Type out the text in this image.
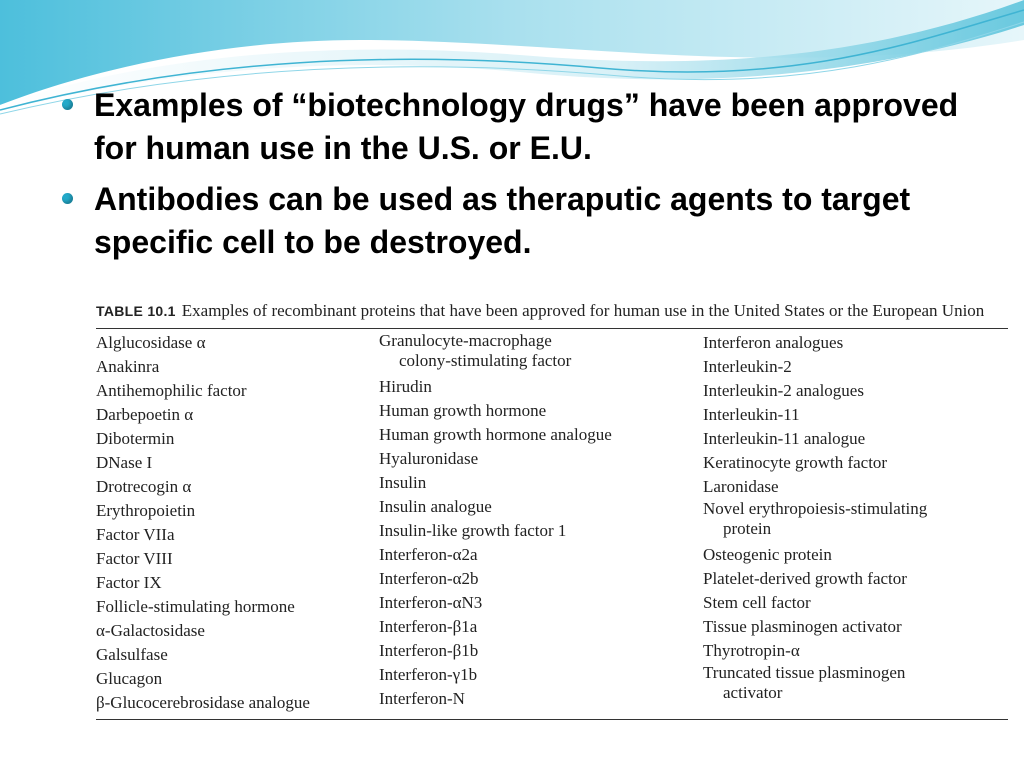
Examples of “biotechnology drugs” have been approved for human use in the U.S. or E.U.
Antibodies can be used as theraputic agents to target specific cell to be destroyed.
TABLE 10.1 Examples of recombinant proteins that have been approved for human use in the United States or the European Union
Alglucosidase α
Anakinra
Antihemophilic factor
Darbepoetin α
Dibotermin
DNase I
Drotrecogin α
Erythropoietin
Factor VIIa
Factor VIII
Factor IX
Follicle-stimulating hormone
α-Galactosidase
Galsulfase
Glucagon
β-Glucocerebrosidase analogue
Granulocyte-macrophage
colony-stimulating factor
Hirudin
Human growth hormone
Human growth hormone analogue
Hyaluronidase
Insulin
Insulin analogue
Insulin-like growth factor 1
Interferon-α2a
Interferon-α2b
Interferon-αN3
Interferon-β1a
Interferon-β1b
Interferon-γ1b
Interferon-N
Interferon analogues
Interleukin-2
Interleukin-2 analogues
Interleukin-11
Interleukin-11 analogue
Keratinocyte growth factor
Laronidase
Novel erythropoiesis-stimulating
protein
Osteogenic protein
Platelet-derived growth factor
Stem cell factor
Tissue plasminogen activator
Thyrotropin-α
Truncated tissue plasminogen
activator
